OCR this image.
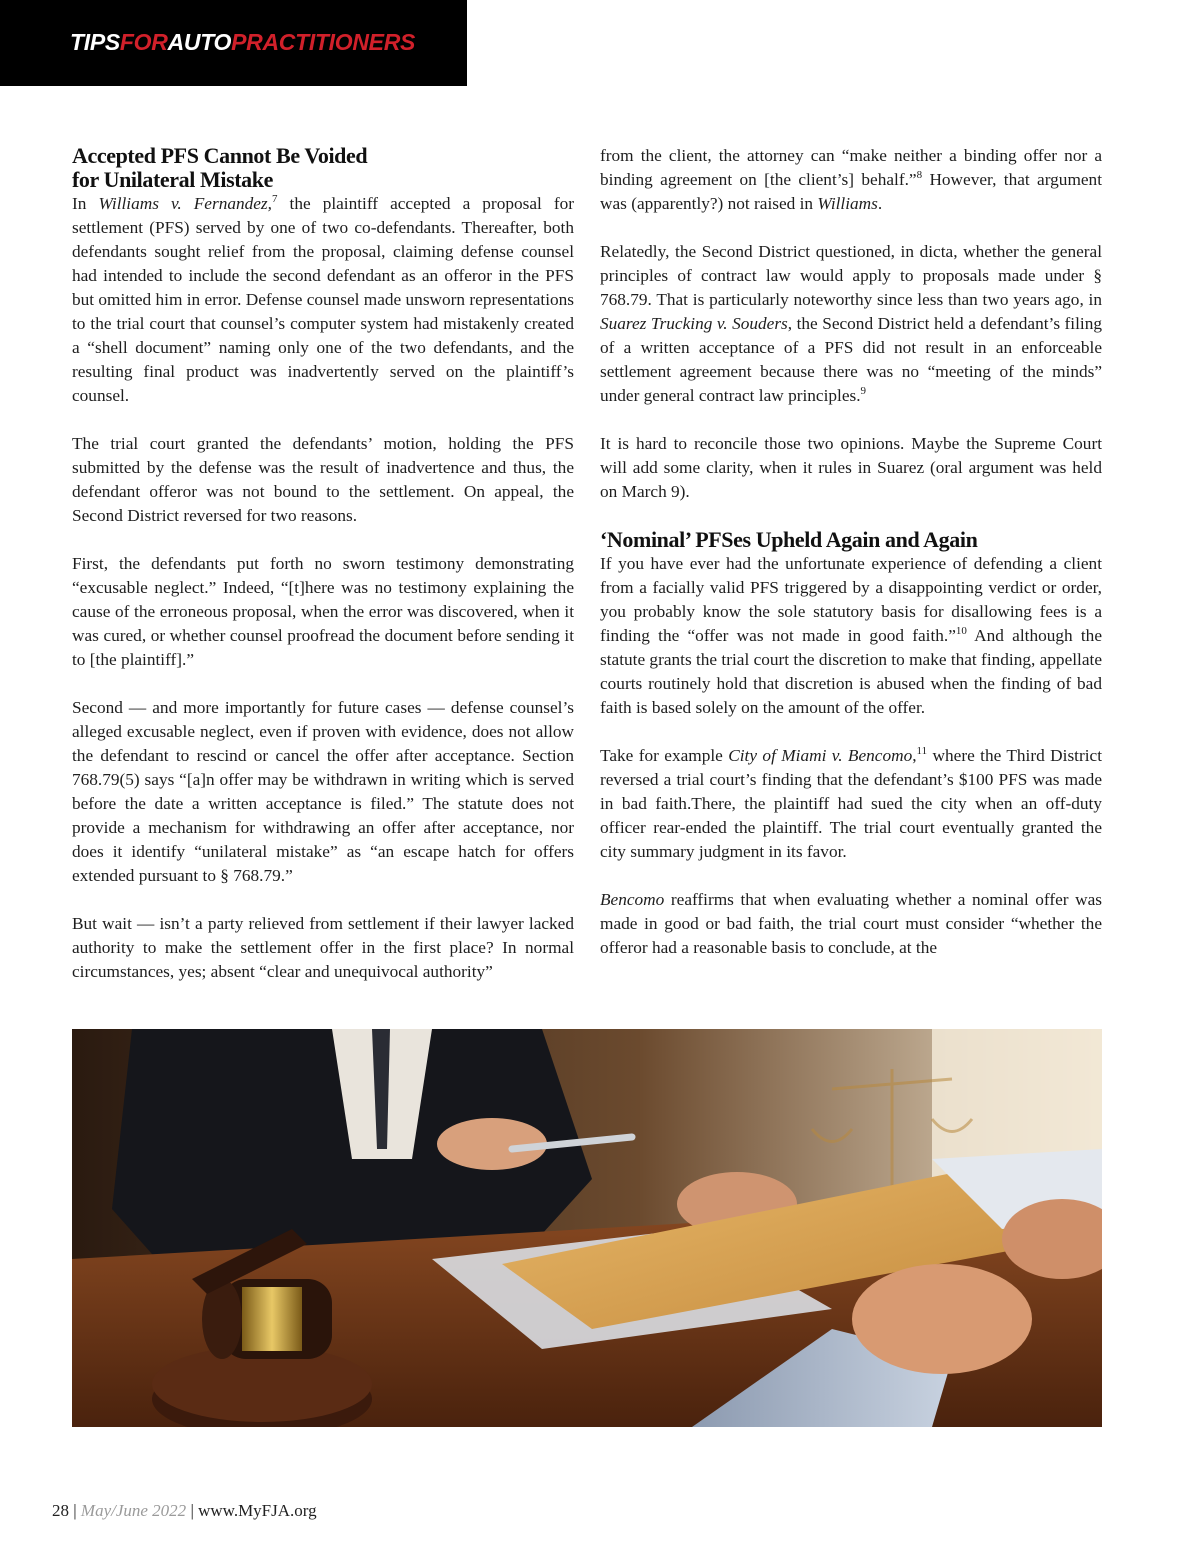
TIPSFORAUTOPRACTITIONERS
Accepted PFS Cannot Be Voided
for Unilateral Mistake

In Williams v. Fernandez,$^7$ the plaintiff accepted a proposal for settlement (PFS) served by one of two co-defendants. Thereafter, both defendants sought relief from the proposal, claiming defense counsel had intended to include the second defendant as an offeror in the PFS but omitted him in error. Defense counsel made unsworn representations to the trial court that counsel’s computer system had mistakenly created a “shell document” naming only one of the two defendants, and the resulting final product was inadvertently served on the plaintiff’s counsel.

The trial court granted the defendants’ motion, holding the PFS submitted by the defense was the result of inadvertence and thus, the defendant offeror was not bound to the settlement. On appeal, the Second District reversed for two reasons.

First, the defendants put forth no sworn testimony demonstrating “excusable neglect.” Indeed, “[t]here was no testimony explaining the cause of the erroneous proposal, when the error was discovered, when it was cured, or whether counsel proofread the document before sending it to [the plaintiff].”

Second — and more importantly for future cases — defense counsel’s alleged excusable neglect, even if proven with evidence, does not allow the defendant to rescind or cancel the offer after acceptance. Section 768.79(5) says “[a]n offer may be withdrawn in writing which is served before the date a written acceptance is filed.” The statute does not provide a mechanism for withdrawing an offer after acceptance, nor does it identify “unilateral mistake” as “an escape hatch for offers extended pursuant to § 768.79.”

But wait — isn’t a party relieved from settlement if their lawyer lacked authority to make the settlement offer in the first place? In normal circumstances, yes; absent “clear and unequivocal authority”

from the client, the attorney can “make neither a binding offer nor a binding agreement on [the client’s] behalf.”$^8$ However, that argument was (apparently?) not raised in Williams.

Relatedly, the Second District questioned, in dicta, whether the general principles of contract law would apply to proposals made under § 768.79. That is particularly noteworthy since less than two years ago, in Suarez Trucking v. Souders, the Second District held a defendant’s filing of a written acceptance of a PFS did not result in an enforceable settlement agreement because there was no “meeting of the minds” under general contract law principles.$^9$

It is hard to reconcile those two opinions. Maybe the Supreme Court will add some clarity, when it rules in Suarez (oral argument was held on March 9).

‘Nominal’ PFSes Upheld Again and Again

If you have ever had the unfortunate experience of defending a client from a facially valid PFS triggered by a disappointing verdict or order, you probably know the sole statutory basis for disallowing fees is a finding the “offer was not made in good faith.”$^{10}$ And although the statute grants the trial court the discretion to make that finding, appellate courts routinely hold that discretion is abused when the finding of bad faith is based solely on the amount of the offer.

Take for example City of Miami v. Bencomo,$^{11}$ where the Third District reversed a trial court’s finding that the defendant’s $100 PFS was made in bad faith.There, the plaintiff had sued the city when an off-duty officer rear-ended the plaintiff. The trial court eventually granted the city summary judgment in its favor.

Bencomo reaffirms that when evaluating whether a nominal offer was made in good or bad faith, the trial court must consider “whether the offeror had a reasonable basis to conclude, at the

28 | May/June 2022 | www.MyFJA.org
